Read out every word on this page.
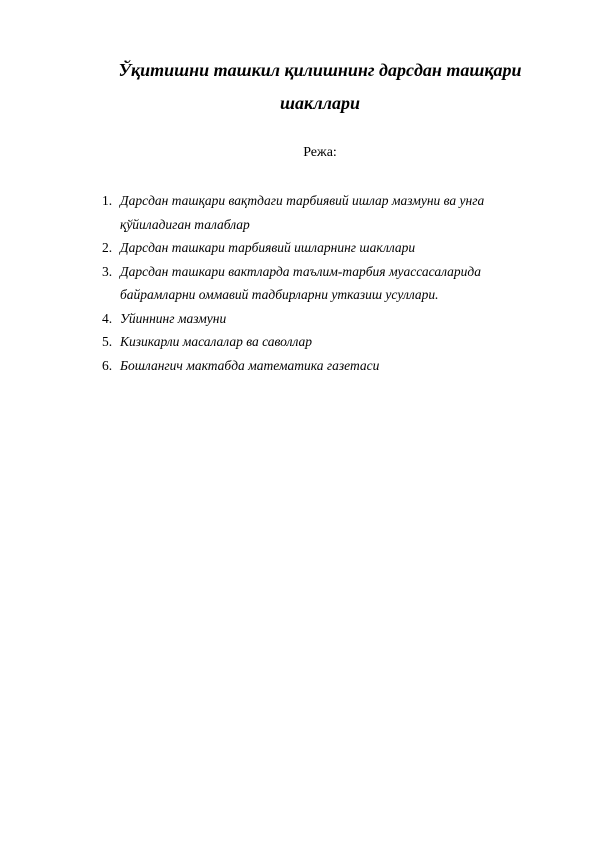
Ўқитишни ташкил қилишнинг дарсдан ташқари шакллари

Режа:

1. Дарсдан ташқари вақтдаги тарбиявий ишлар мазмуни ва унга қўйиладиган талаблар
2. Дарсдан ташкари тарбиявий ишларнинг шакллари
3. Дарсдан ташкари вактларда таълим-тарбия муассасаларида байрамларни оммавий тадбирларни утказиш усуллари.
4. Уйиннинг мазмуни
5. Кизикарли масалалар ва саволлар
6. Бошлангич мактабда математика газетаси
